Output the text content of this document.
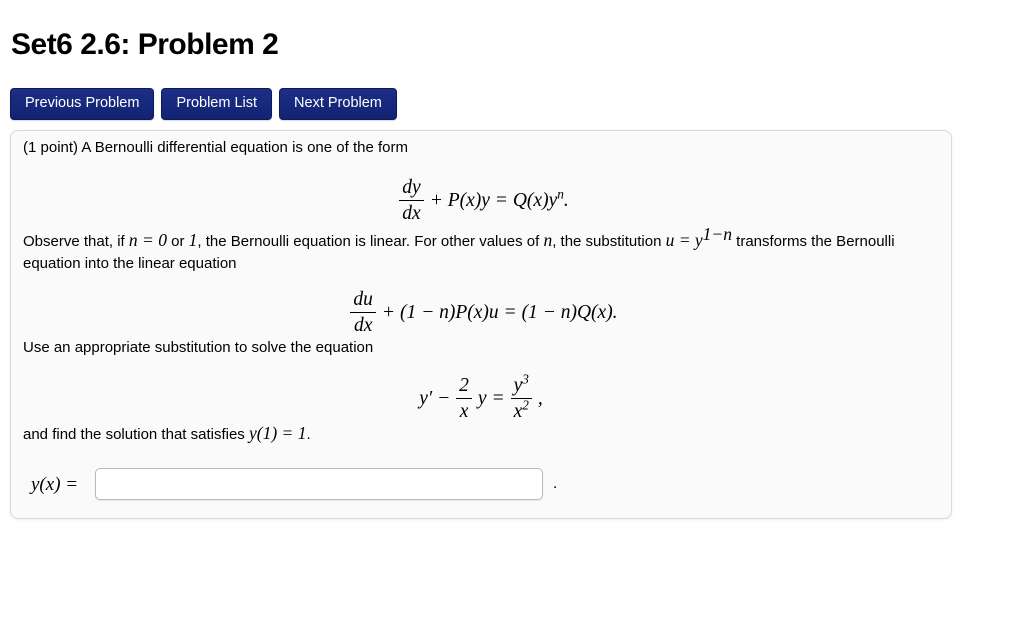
Set6 2.6: Problem 2
Previous Problem	Problem List	Next Problem

(1 point) A Bernoulli differential equation is one of the form

$\frac{dy}{dx} + P(x)y = Q(x)y^n$.

Observe that, if n = 0 or 1, the Bernoulli equation is linear. For other values of n, the substitution $u = y^{1-n}$ transforms the Bernoulli equation into the linear equation

$\frac{du}{dx} + (1 - n)P(x)u = (1 - n)Q(x)$.

Use an appropriate substitution to solve the equation

$y' - \frac{2}{x}$ $y = \frac{y^3}{x^2}$ ,

and find the solution that satisfies y(1) = 1.

y(x) =	.
